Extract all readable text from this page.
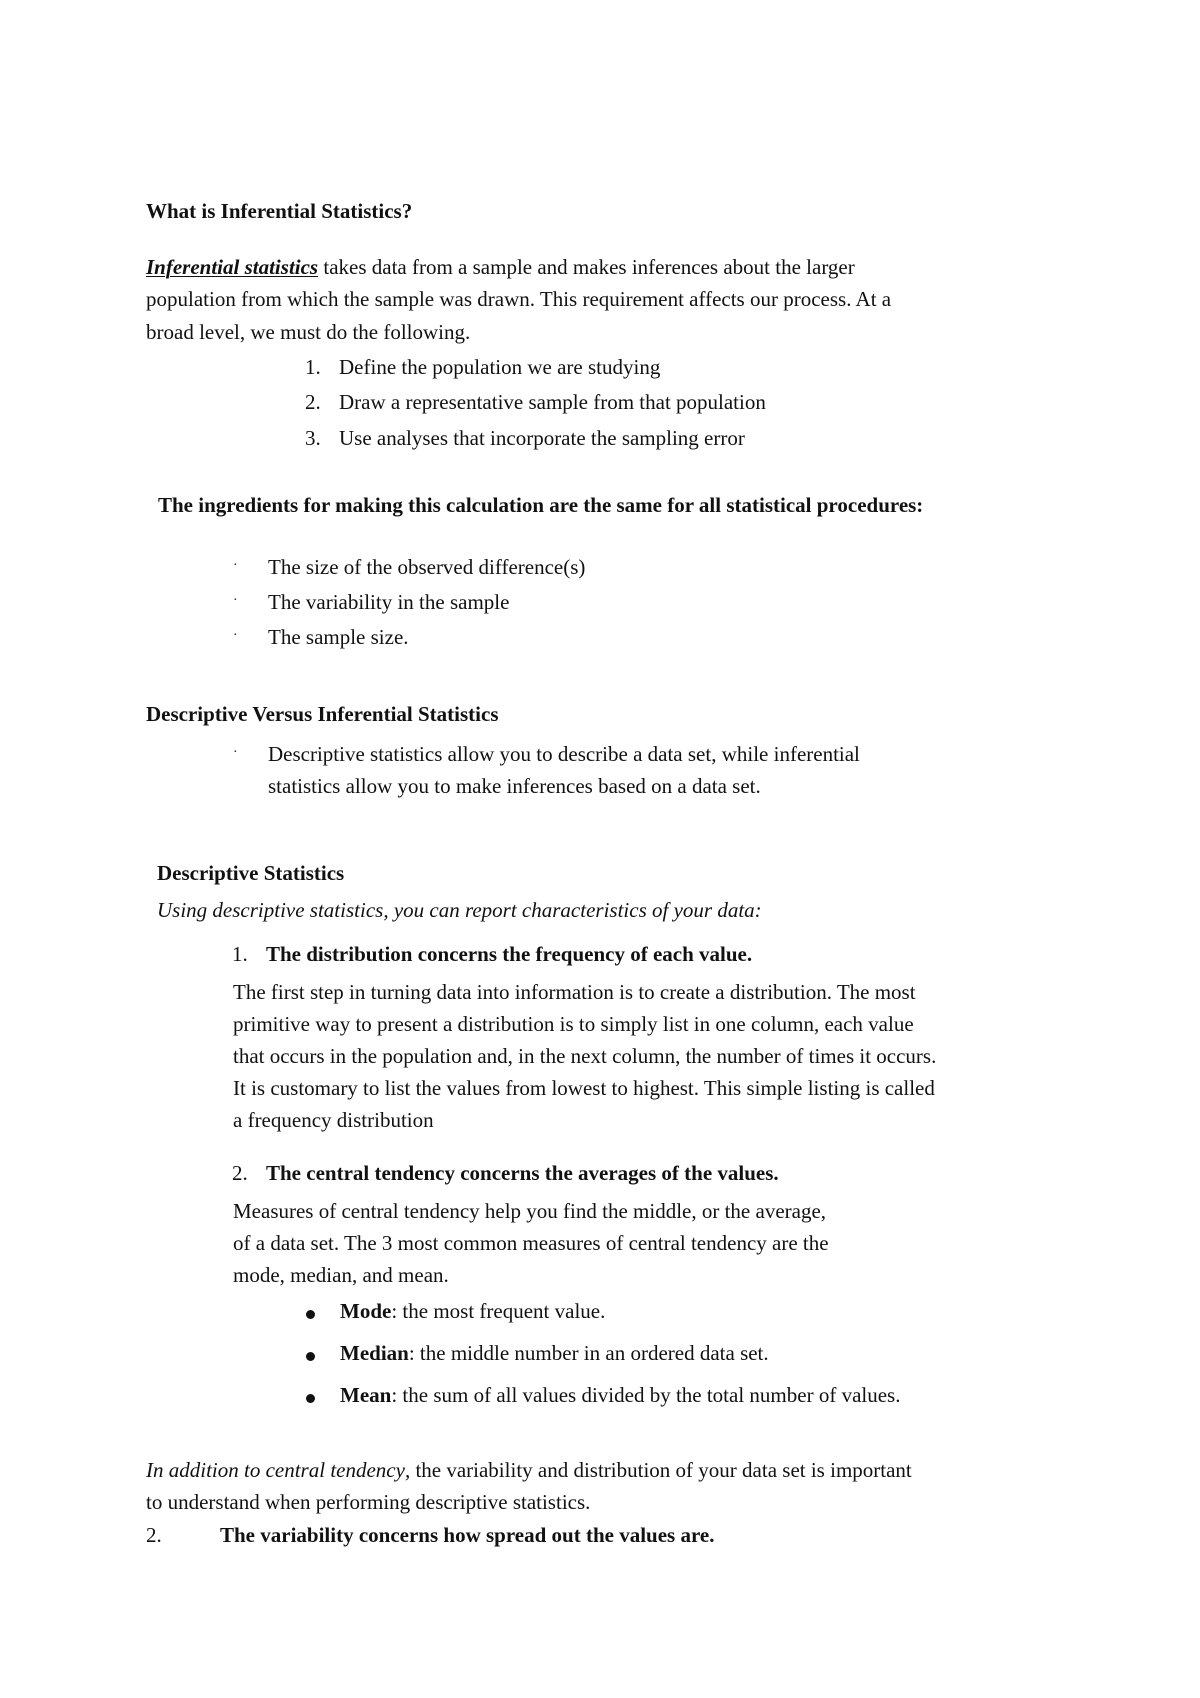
What is Inferential Statistics?
Inferential statistics takes data from a sample and makes inferences about the larger
population from which the sample was drawn. This requirement affects our process. At a
broad level, we must do the following.
1. Define the population we are studying
2. Draw a representative sample from that population
3. Use analyses that incorporate the sampling error
The ingredients for making this calculation are the same for all statistical procedures:
· The size of the observed difference(s)
· The variability in the sample
· The sample size.
Descriptive Versus Inferential Statistics
· Descriptive statistics allow you to describe a data set, while inferential
statistics allow you to make inferences based on a data set.
Descriptive Statistics
Using descriptive statistics, you can report characteristics of your data:
1. The distribution concerns the frequency of each value.
The first step in turning data into information is to create a distribution. The most
primitive way to present a distribution is to simply list in one column, each value
that occurs in the population and, in the next column, the number of times it occurs.
It is customary to list the values from lowest to highest. This simple listing is called
a frequency distribution
2. The central tendency concerns the averages of the values.
Measures of central tendency help you find the middle, or the average,
of a data set. The 3 most common measures of central tendency are the
mode, median, and mean.
Mode: the most frequent value.
Median: the middle number in an ordered data set.
Mean: the sum of all values divided by the total number of values.
In addition to central tendency, the variability and distribution of your data set is important
to understand when performing descriptive statistics.
2.	The variability concerns how spread out the values are.
